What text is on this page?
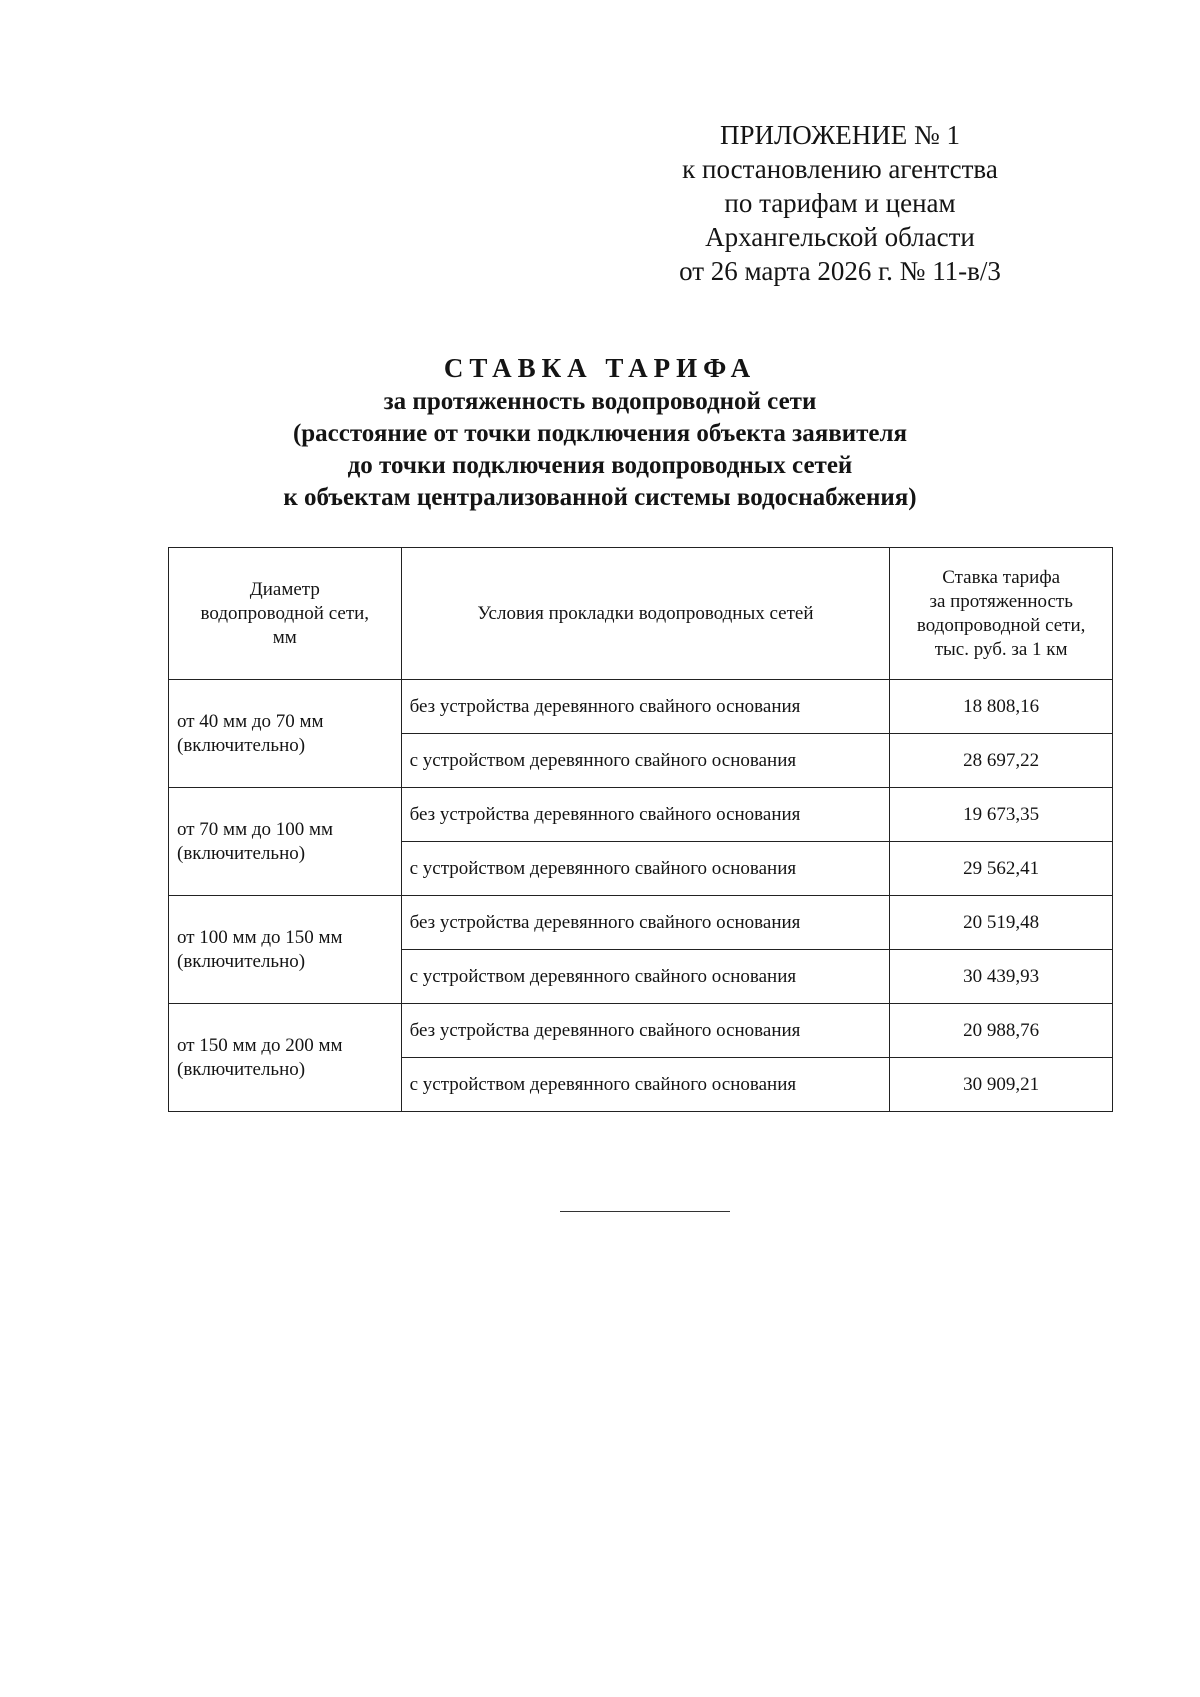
ПРИЛОЖЕНИЕ № 1
к постановлению агентства
по тарифам и ценам
Архангельской области
от 26 марта 2026 г. № 11-в/3
СТАВКА ТАРИФА
за протяженность водопроводной сети
(расстояние от точки подключения объекта заявителя
до точки подключения водопроводных сетей
к объектам централизованной системы водоснабжения)
Диаметр
водопроводной сети,
мм	Условия прокладки водопроводных сетей	Ставка тарифа
за протяженность
водопроводной сети,
тыс. руб. за 1 км

от 40 мм до 70 мм
(включительно)	без устройства деревянного свайного основания	18 808,16
	с устройством деревянного свайного основания	28 697,22

от 70 мм до 100 мм
(включительно)	без устройства деревянного свайного основания	19 673,35
	с устройством деревянного свайного основания	29 562,41

от 100 мм до 150 мм
(включительно)	без устройства деревянного свайного основания	20 519,48
	с устройством деревянного свайного основания	30 439,93

от 150 мм до 200 мм
(включительно)	без устройства деревянного свайного основания	20 988,76
	с устройством деревянного свайного основания	30 909,21
